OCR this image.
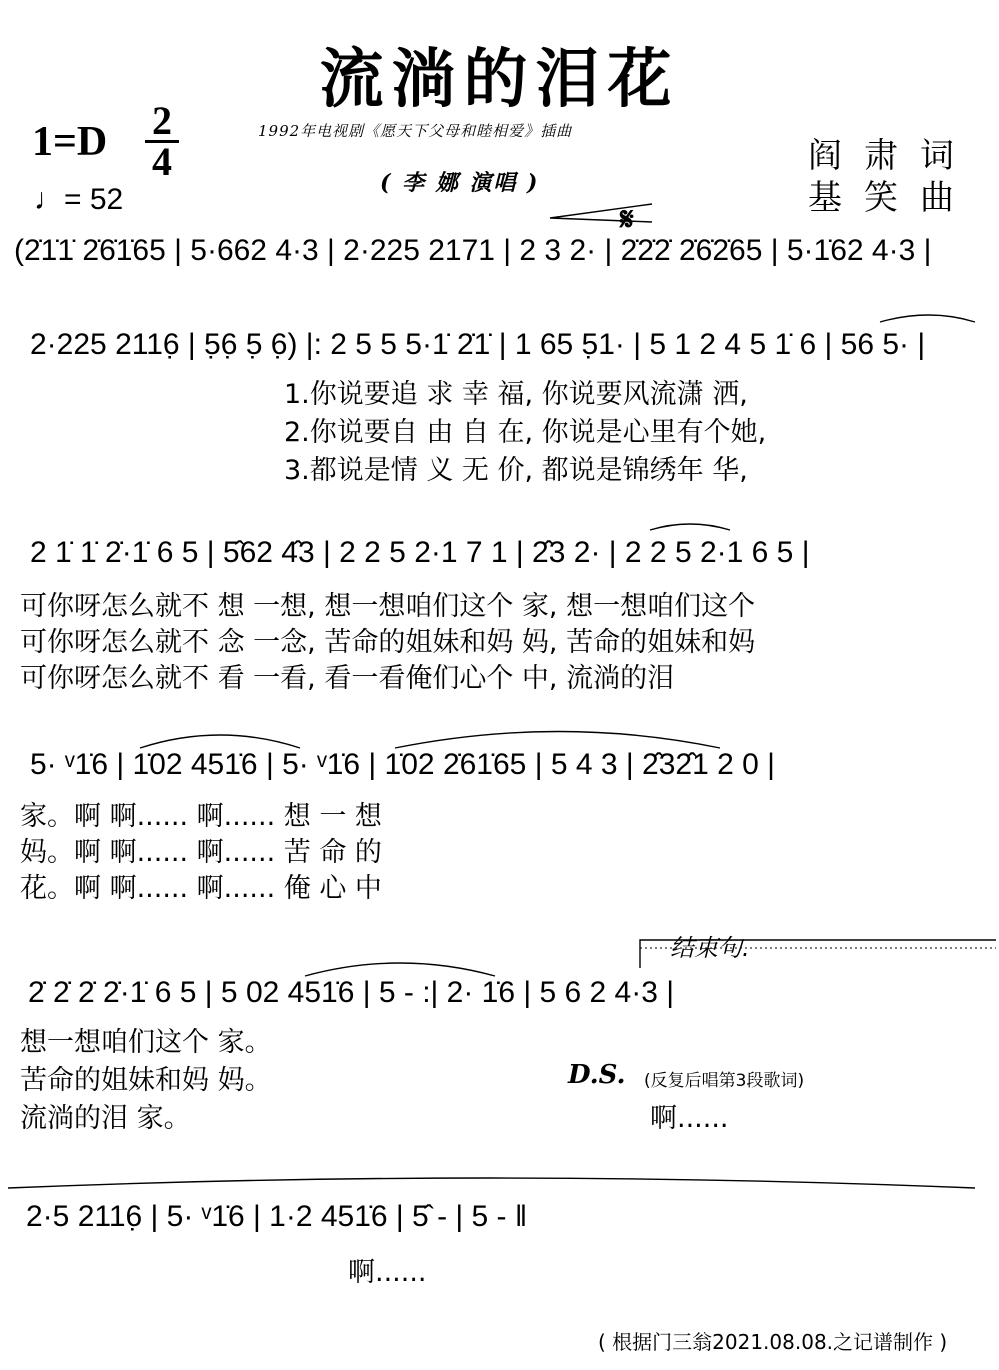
流淌的泪花
1=D 2
4
♩= 52
1992年电视剧《愿天下父母和睦相爱》插曲
( 李 娜 演唱 )
阎肃词
基笑曲
𝄋
(2̇1̇1̇ 2̇6̇1̇65 | 5·662 4·3 | 2·225 2171 | 2 3 2· | 2̇2̇2̇ 2̇6̇2̇65 | 5·1̇62 4·3 |
2·225 2116̣ | 5̣6̣ 5̣ 6̣) |: 2 5 5 5·1̇ 2̇1̇ | 1 65 5̣1· | 5 1 2 4 5 1̇ 6 | 56 5· |
1.你说要追 求 幸 福, 你说要风流潇 洒,
2.你说要自 由 自 在, 你说是心里有个她,
3.都说是情 义 无 价, 都说是锦绣年 华,
2 1̇ 1̇ 2̇·1̇ 6 5 | 5̂62 4̂3 | 2 2 5 2·1 7 1 | 2̂3 2· | 2 2 5 2·1 6 5 |
可你呀怎么就不 想 一想, 想一想咱们这个 家, 想一想咱们这个
可你呀怎么就不 念 一念, 苦命的姐妹和妈 妈, 苦命的姐妹和妈
可你呀怎么就不 看 一看, 看一看俺们心个 中, 流淌的泪
5· ᵛ1̇6 | 1̇02 451̇6 | 5· ᵛ1̇6 | 1̇02 2̇61̇65 | 5 4 3 | 2̂32̂1 2 0 |
家。啊 啊...... 啊...... 想 一 想
妈。啊 啊...... 啊...... 苦 命 的
花。啊 啊...... 啊...... 俺 心 中
结束句.
2̇ 2̇ 2̇ 2̇·1̇ 6 5 | 5 02 451̇6 | 5 - :| 2· 1̇6 | 5 6 2 4·3 |
想一想咱们这个 家。
苦命的姐妹和妈 妈。
流淌的泪 家。
D.S. (反复后唱第3段歌词)
啊......
2·5 2116̣ | 5· ᵛ1̇6 | 1·2 451̇6 | 5̂ - | 5 - ‖
啊......
( 根据门三翁2021.08.08.之记谱制作 )
